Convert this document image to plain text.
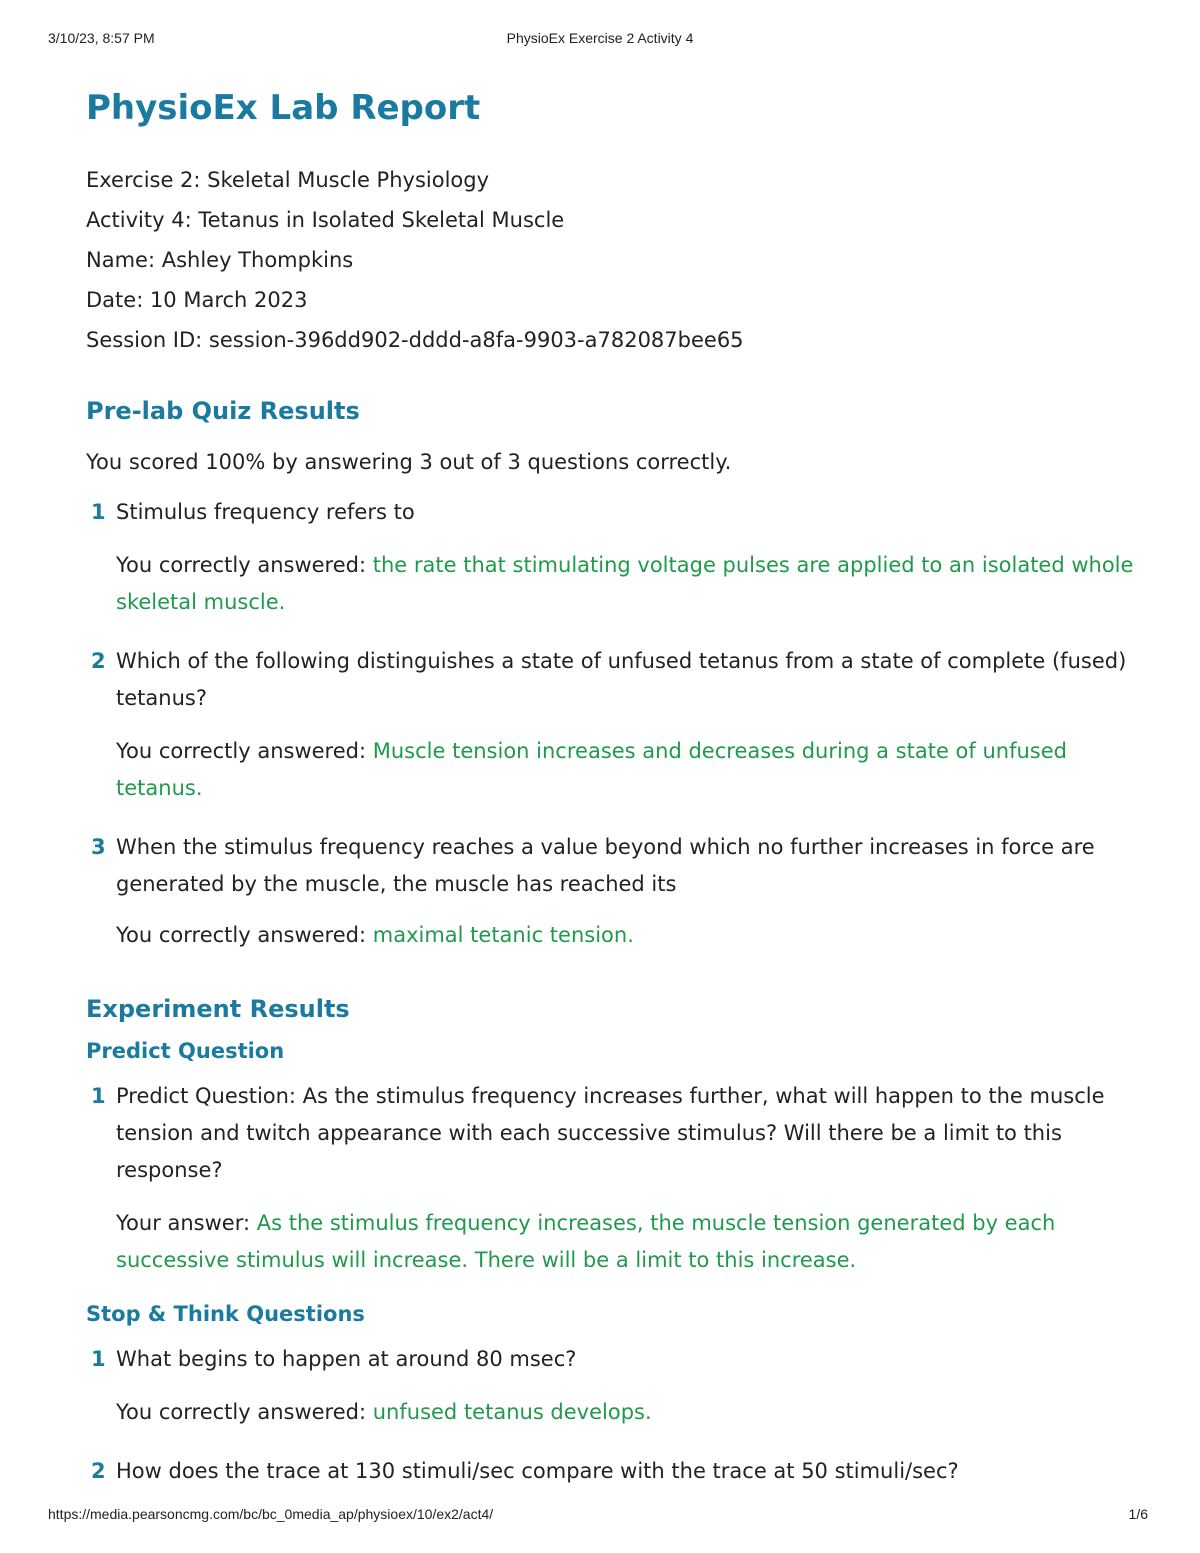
3/10/23, 8:57 PM	PhysioEx Exercise 2 Activity 4
PhysioEx Lab Report
Exercise 2: Skeletal Muscle Physiology
Activity 4: Tetanus in Isolated Skeletal Muscle
Name: Ashley Thompkins
Date: 10 March 2023
Session ID: session-396dd902-dddd-a8fa-9903-a782087bee65
Pre-lab Quiz Results
You scored 100% by answering 3 out of 3 questions correctly.
1 Stimulus frequency refers to

You correctly answered: the rate that stimulating voltage pulses are applied to an isolated whole skeletal muscle.

2 Which of the following distinguishes a state of unfused tetanus from a state of complete (fused) tetanus?

You correctly answered: Muscle tension increases and decreases during a state of unfused tetanus.

3 When the stimulus frequency reaches a value beyond which no further increases in force are generated by the muscle, the muscle has reached its

You correctly answered: maximal tetanic tension.

Experiment Results
Predict Question
1 Predict Question: As the stimulus frequency increases further, what will happen to the muscle tension and twitch appearance with each successive stimulus? Will there be a limit to this response?

Your answer: As the stimulus frequency increases, the muscle tension generated by each successive stimulus will increase. There will be a limit to this increase.

Stop & Think Questions
1 What begins to happen at around 80 msec?

You correctly answered: unfused tetanus develops.

2 How does the trace at 130 stimuli/sec compare with the trace at 50 stimuli/sec?

https://media.pearsoncmg.com/bc/bc_0media_ap/physioex/10/ex2/act4/	1/6
